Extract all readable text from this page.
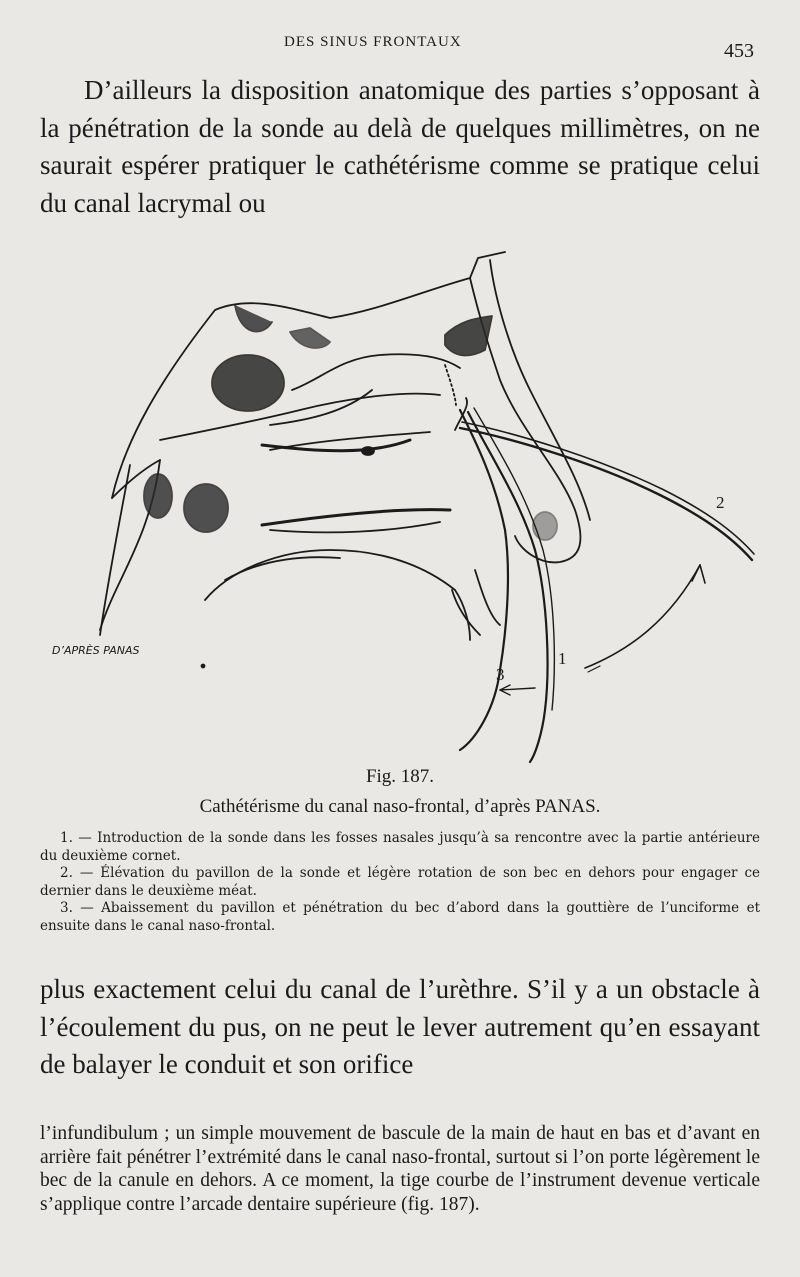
DES SINUS FRONTAUX	453

D’ailleurs la disposition anatomique des parties s’opposant à la pénétration de la sonde au delà de quelques millimètres, on ne saurait espérer pratiquer le cathétérisme comme se pratique celui du canal lacrymal ou

2
1
3
D’APRÈS PANAS
Fig. 187.
Cathétérisme du canal naso-frontal, d’après PANAS.

1. — Introduction de la sonde dans les fosses nasales jusqu’à sa rencontre avec la partie antérieure du deuxième cornet.

2. — Élévation du pavillon de la sonde et légère rotation de son bec en dehors pour engager ce dernier dans le deuxième méat.

3. — Abaissement du pavillon et pénétration du bec d’abord dans la gouttière de l’unciforme et ensuite dans le canal naso-frontal.

plus exactement celui du canal de l’urèthre. S’il y a un obstacle à l’écoulement du pus, on ne peut le lever autrement qu’en essayant de balayer le conduit et son orifice

l’infundibulum ; un simple mouvement de bascule de la main de haut en bas et d’avant en arrière fait pénétrer l’extrémité dans le canal naso-frontal, surtout si l’on porte légèrement le bec de la canule en dehors. A ce moment, la tige courbe de l’instrument devenue verticale s’applique contre l’arcade dentaire supérieure (fig. 187).
